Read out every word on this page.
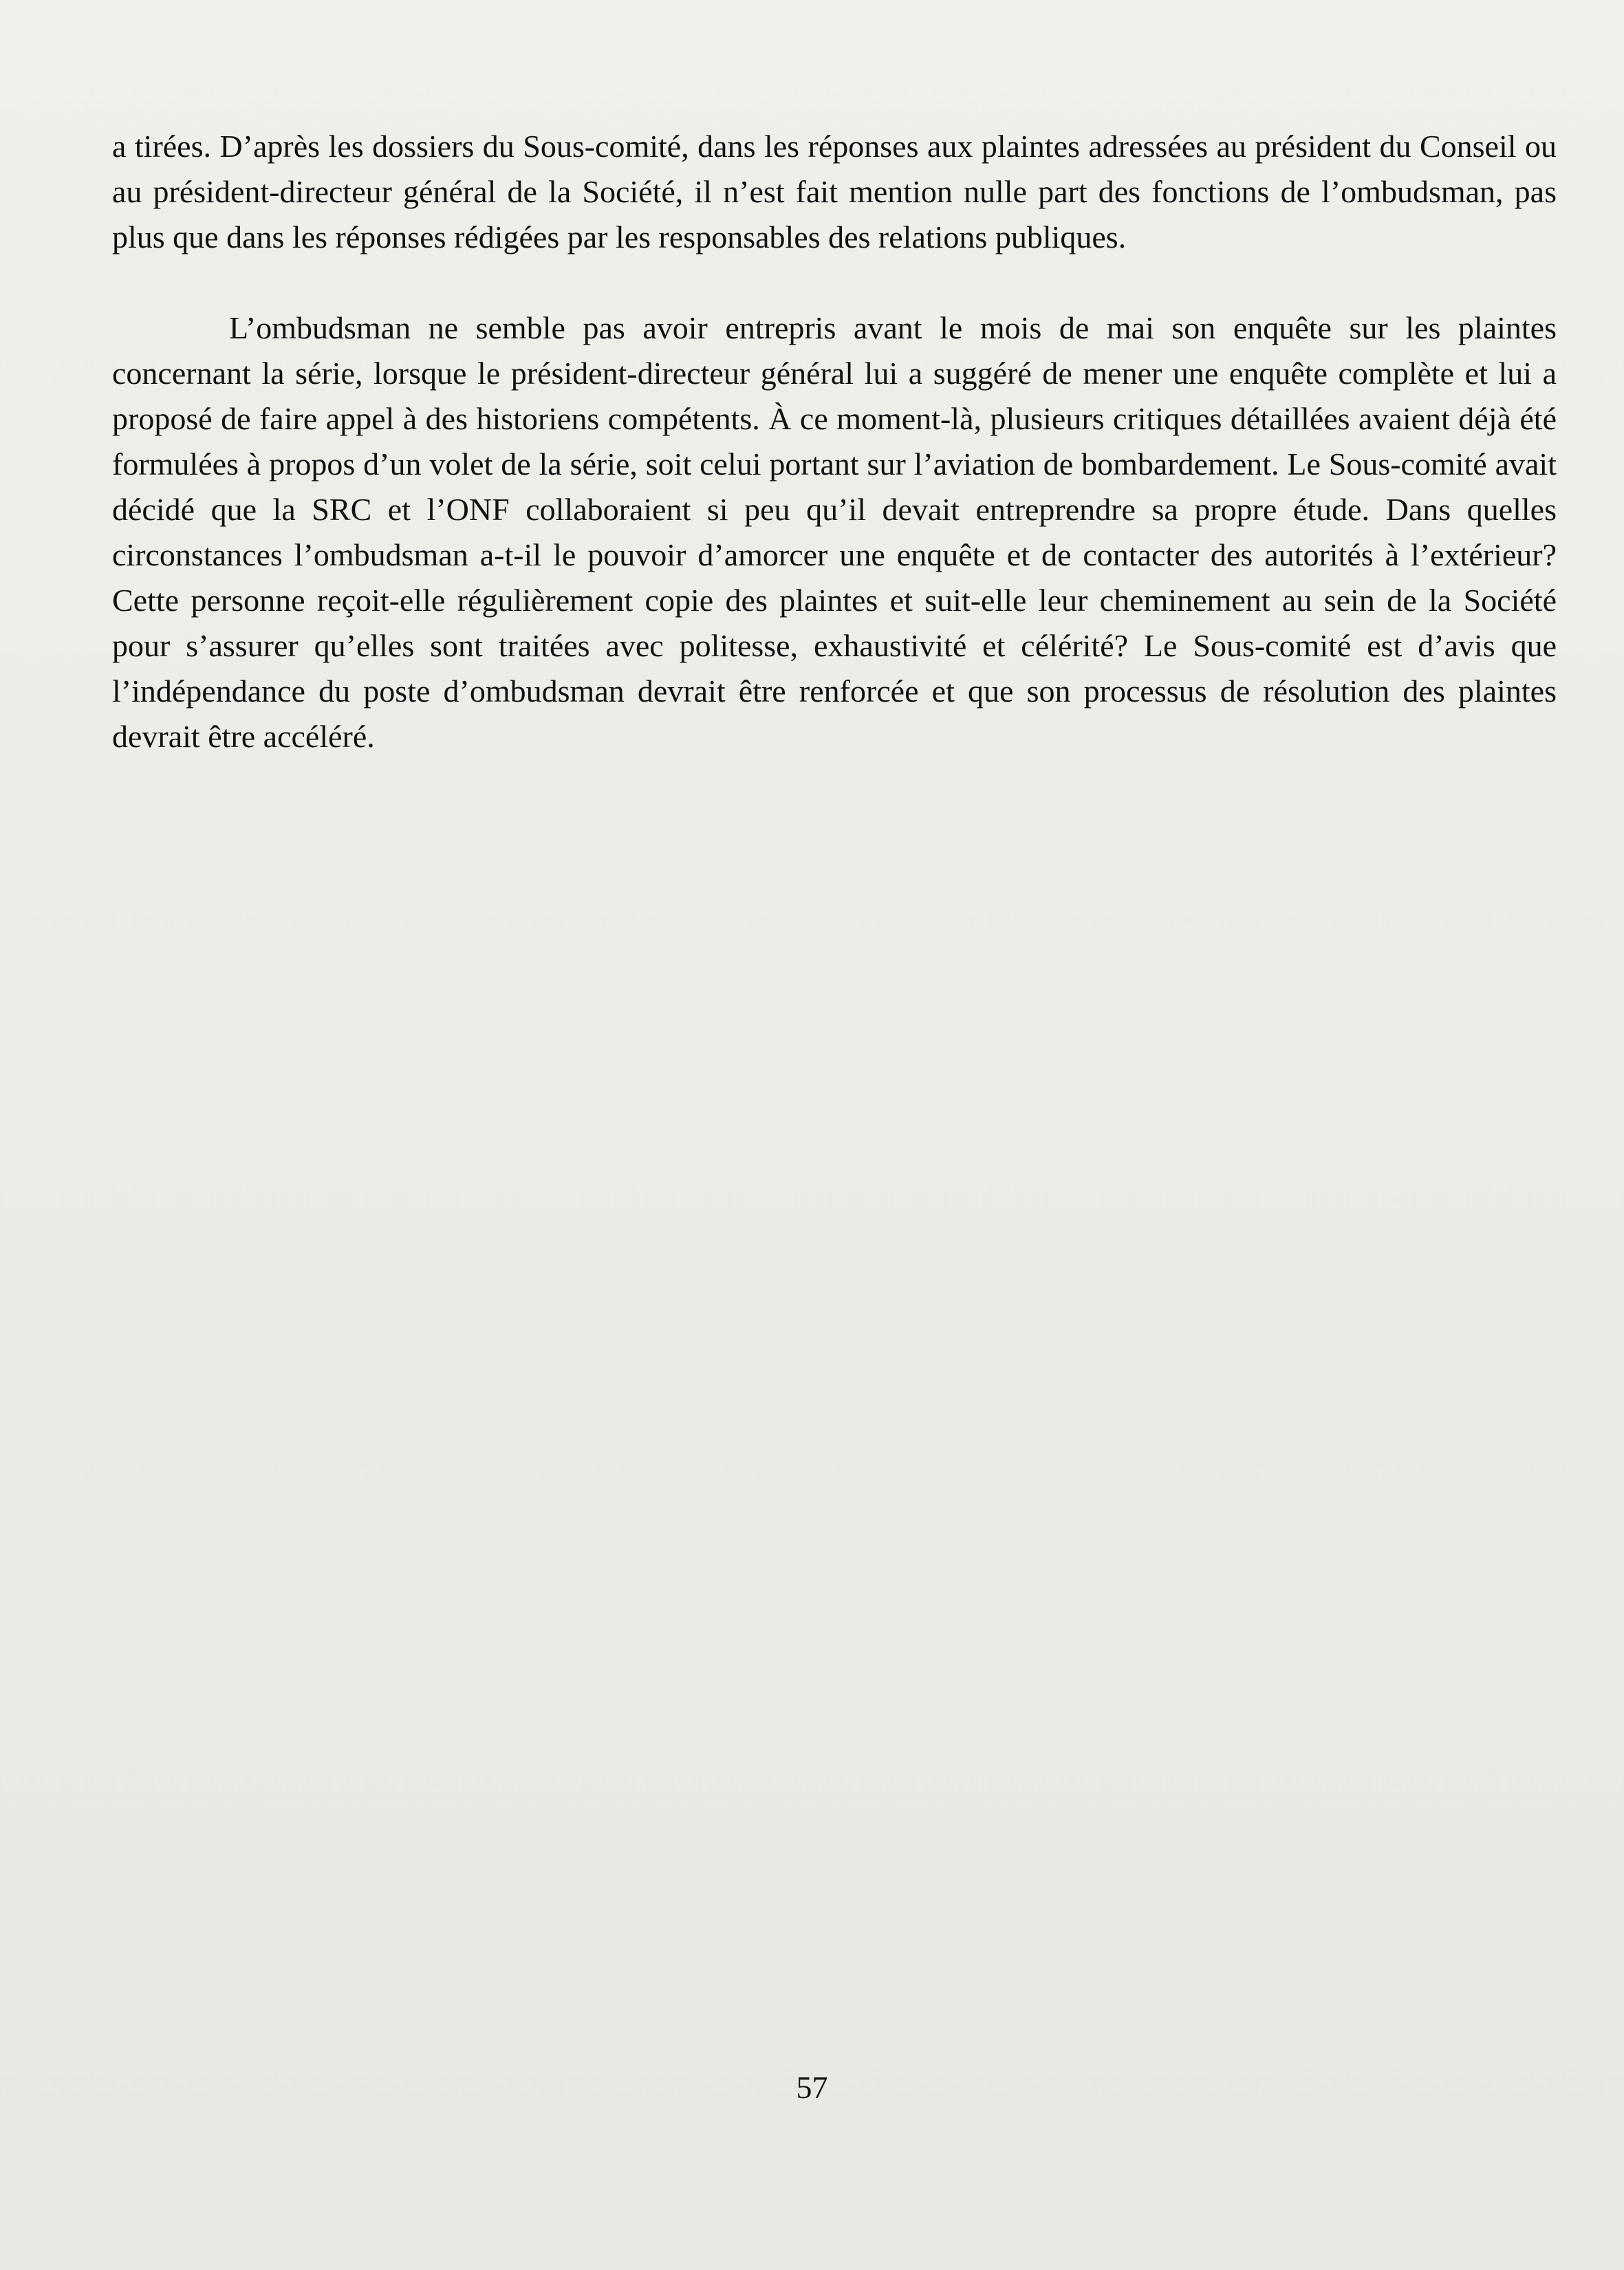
a tirées. D’après les dossiers du Sous-comité, dans les réponses aux plaintes adressées au président du Conseil ou au président-directeur général de la Société, il n’est fait mention nulle part des fonctions de l’ombudsman, pas plus que dans les réponses rédigées par les responsables des relations publiques.

L’ombudsman ne semble pas avoir entrepris avant le mois de mai son enquête sur les plaintes concernant la série, lorsque le président-directeur général lui a suggéré de mener une enquête complète et lui a proposé de faire appel à des historiens compétents. À ce moment-là, plusieurs critiques détaillées avaient déjà été formulées à propos d’un volet de la série, soit celui portant sur l’aviation de bombardement. Le Sous-comité avait décidé que la SRC et l’ONF collaboraient si peu qu’il devait entreprendre sa propre étude. Dans quelles circonstances l’ombudsman a-t-il le pouvoir d’amorcer une enquête et de contacter des autorités à l’extérieur? Cette personne reçoit-elle régulièrement copie des plaintes et suit-elle leur cheminement au sein de la Société pour s’assurer qu’elles sont traitées avec politesse, exhaustivité et célérité? Le Sous-comité est d’avis que l’indépendance du poste d’ombudsman devrait être renforcée et que son processus de résolution des plaintes devrait être accéléré.

57
